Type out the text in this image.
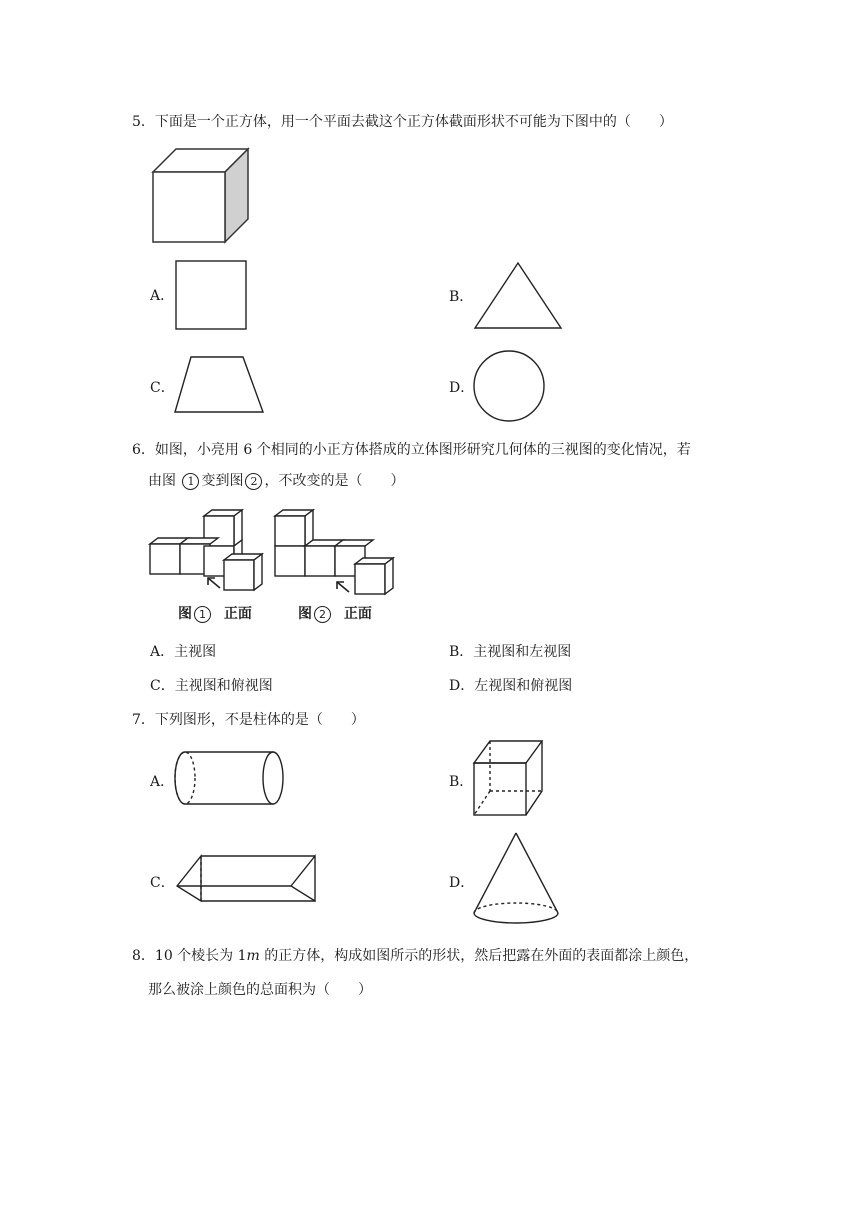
5．下面是一个正方体，用一个平面去截这个正方体截面形状不可能为下图中的（　　）
A．	B．
C．	D．
6．如图，小亮用 6 个相同的小正方体搭成的立体图形研究几何体的三视图的变化情况，若
由图 1 变到图 2 ，不改变的是（　　）
图 1 正面	图 2 正面
A．主视图	B．主视图和左视图
C．主视图和俯视图	D．左视图和俯视图
7．下列图形，不是柱体的是（　　）
A．	B．
C．	D．
8．10 个棱长为 1m 的正方体，构成如图所示的形状，然后把露在外面的表面都涂上颜色，
那么被涂上颜色的总面积为（　　）
